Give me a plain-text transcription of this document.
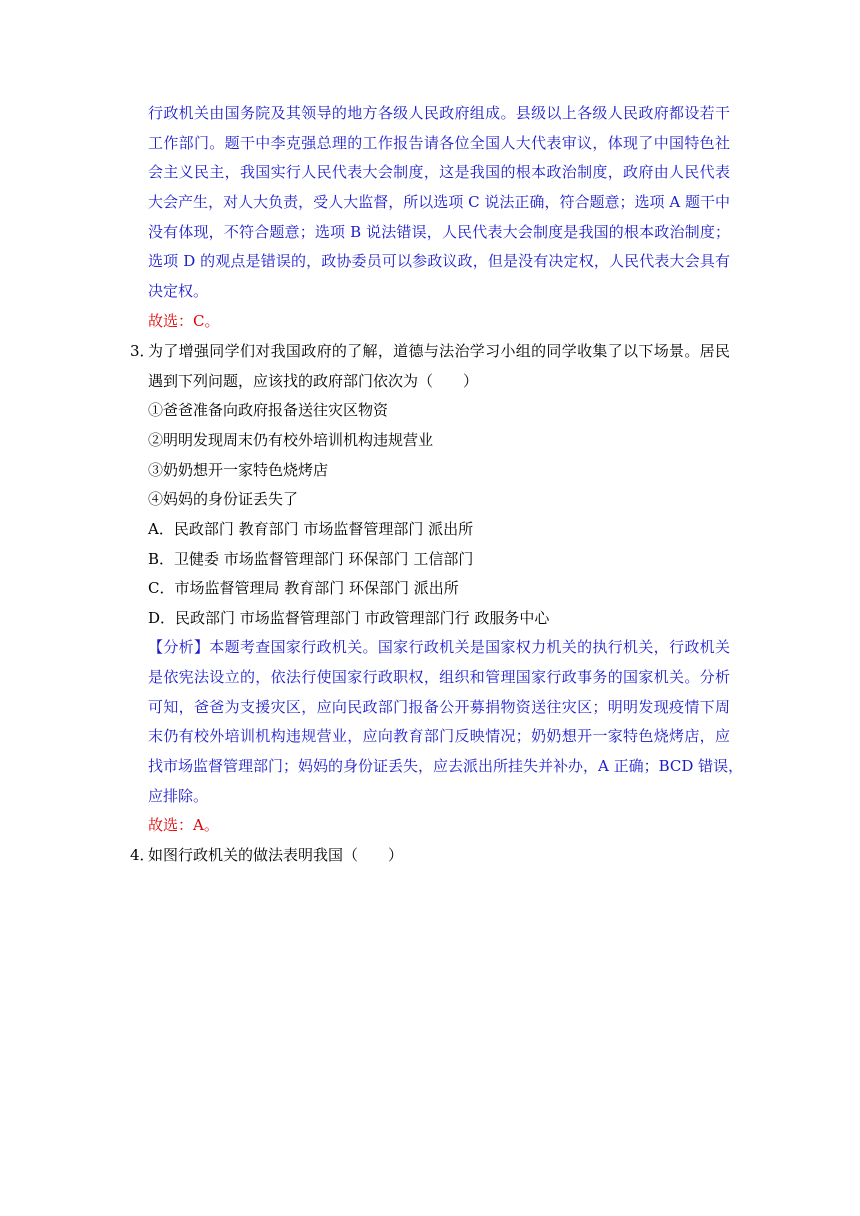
行政机关由国务院及其领导的地方各级人民政府组成。县级以上各级人民政府都设若干
工作部门。题干中李克强总理的工作报告请各位全国人大代表审议，体现了中国特色社
会主义民主，我国实行人民代表大会制度，这是我国的根本政治制度，政府由人民代表
大会产生，对人大负责，受人大监督，所以选项 C 说法正确，符合题意；选项 A 题干中
没有体现，不符合题意；选项 B 说法错误，人民代表大会制度是我国的根本政治制度；
选项 D 的观点是错误的，政协委员可以参政议政，但是没有决定权，人民代表大会具有
决定权。
故选：C。
3．
为了增强同学们对我国政府的了解，道德与法治学习小组的同学收集了以下场景。居民
遇到下列问题，应该找的政府部门依次为（　　）
①爸爸准备向政府报备送往灾区物资
②明明发现周末仍有校外培训机构违规营业
③奶奶想开一家特色烧烤店
④妈妈的身份证丢失了
A．民政部门 教育部门 市场监督管理部门 派出所
B．卫健委 市场监督管理部门 环保部门 工信部门
C．市场监督管理局 教育部门 环保部门 派出所
D．民政部门 市场监督管理部门 市政管理部门行 政服务中心
【分析】本题考查国家行政机关。国家行政机关是国家权力机关的执行机关，行政机关
是依宪法设立的，依法行使国家行政职权，组织和管理国家行政事务的国家机关。分析
可知，爸爸为支援灾区，应向民政部门报备公开募捐物资送往灾区；明明发现疫情下周
末仍有校外培训机构违规营业，应向教育部门反映情况；奶奶想开一家特色烧烤店，应
找市场监督管理部门；妈妈的身份证丢失，应去派出所挂失并补办，A 正确；BCD 错误，
应排除。
故选：A。
4．
如图行政机关的做法表明我国（　　）
